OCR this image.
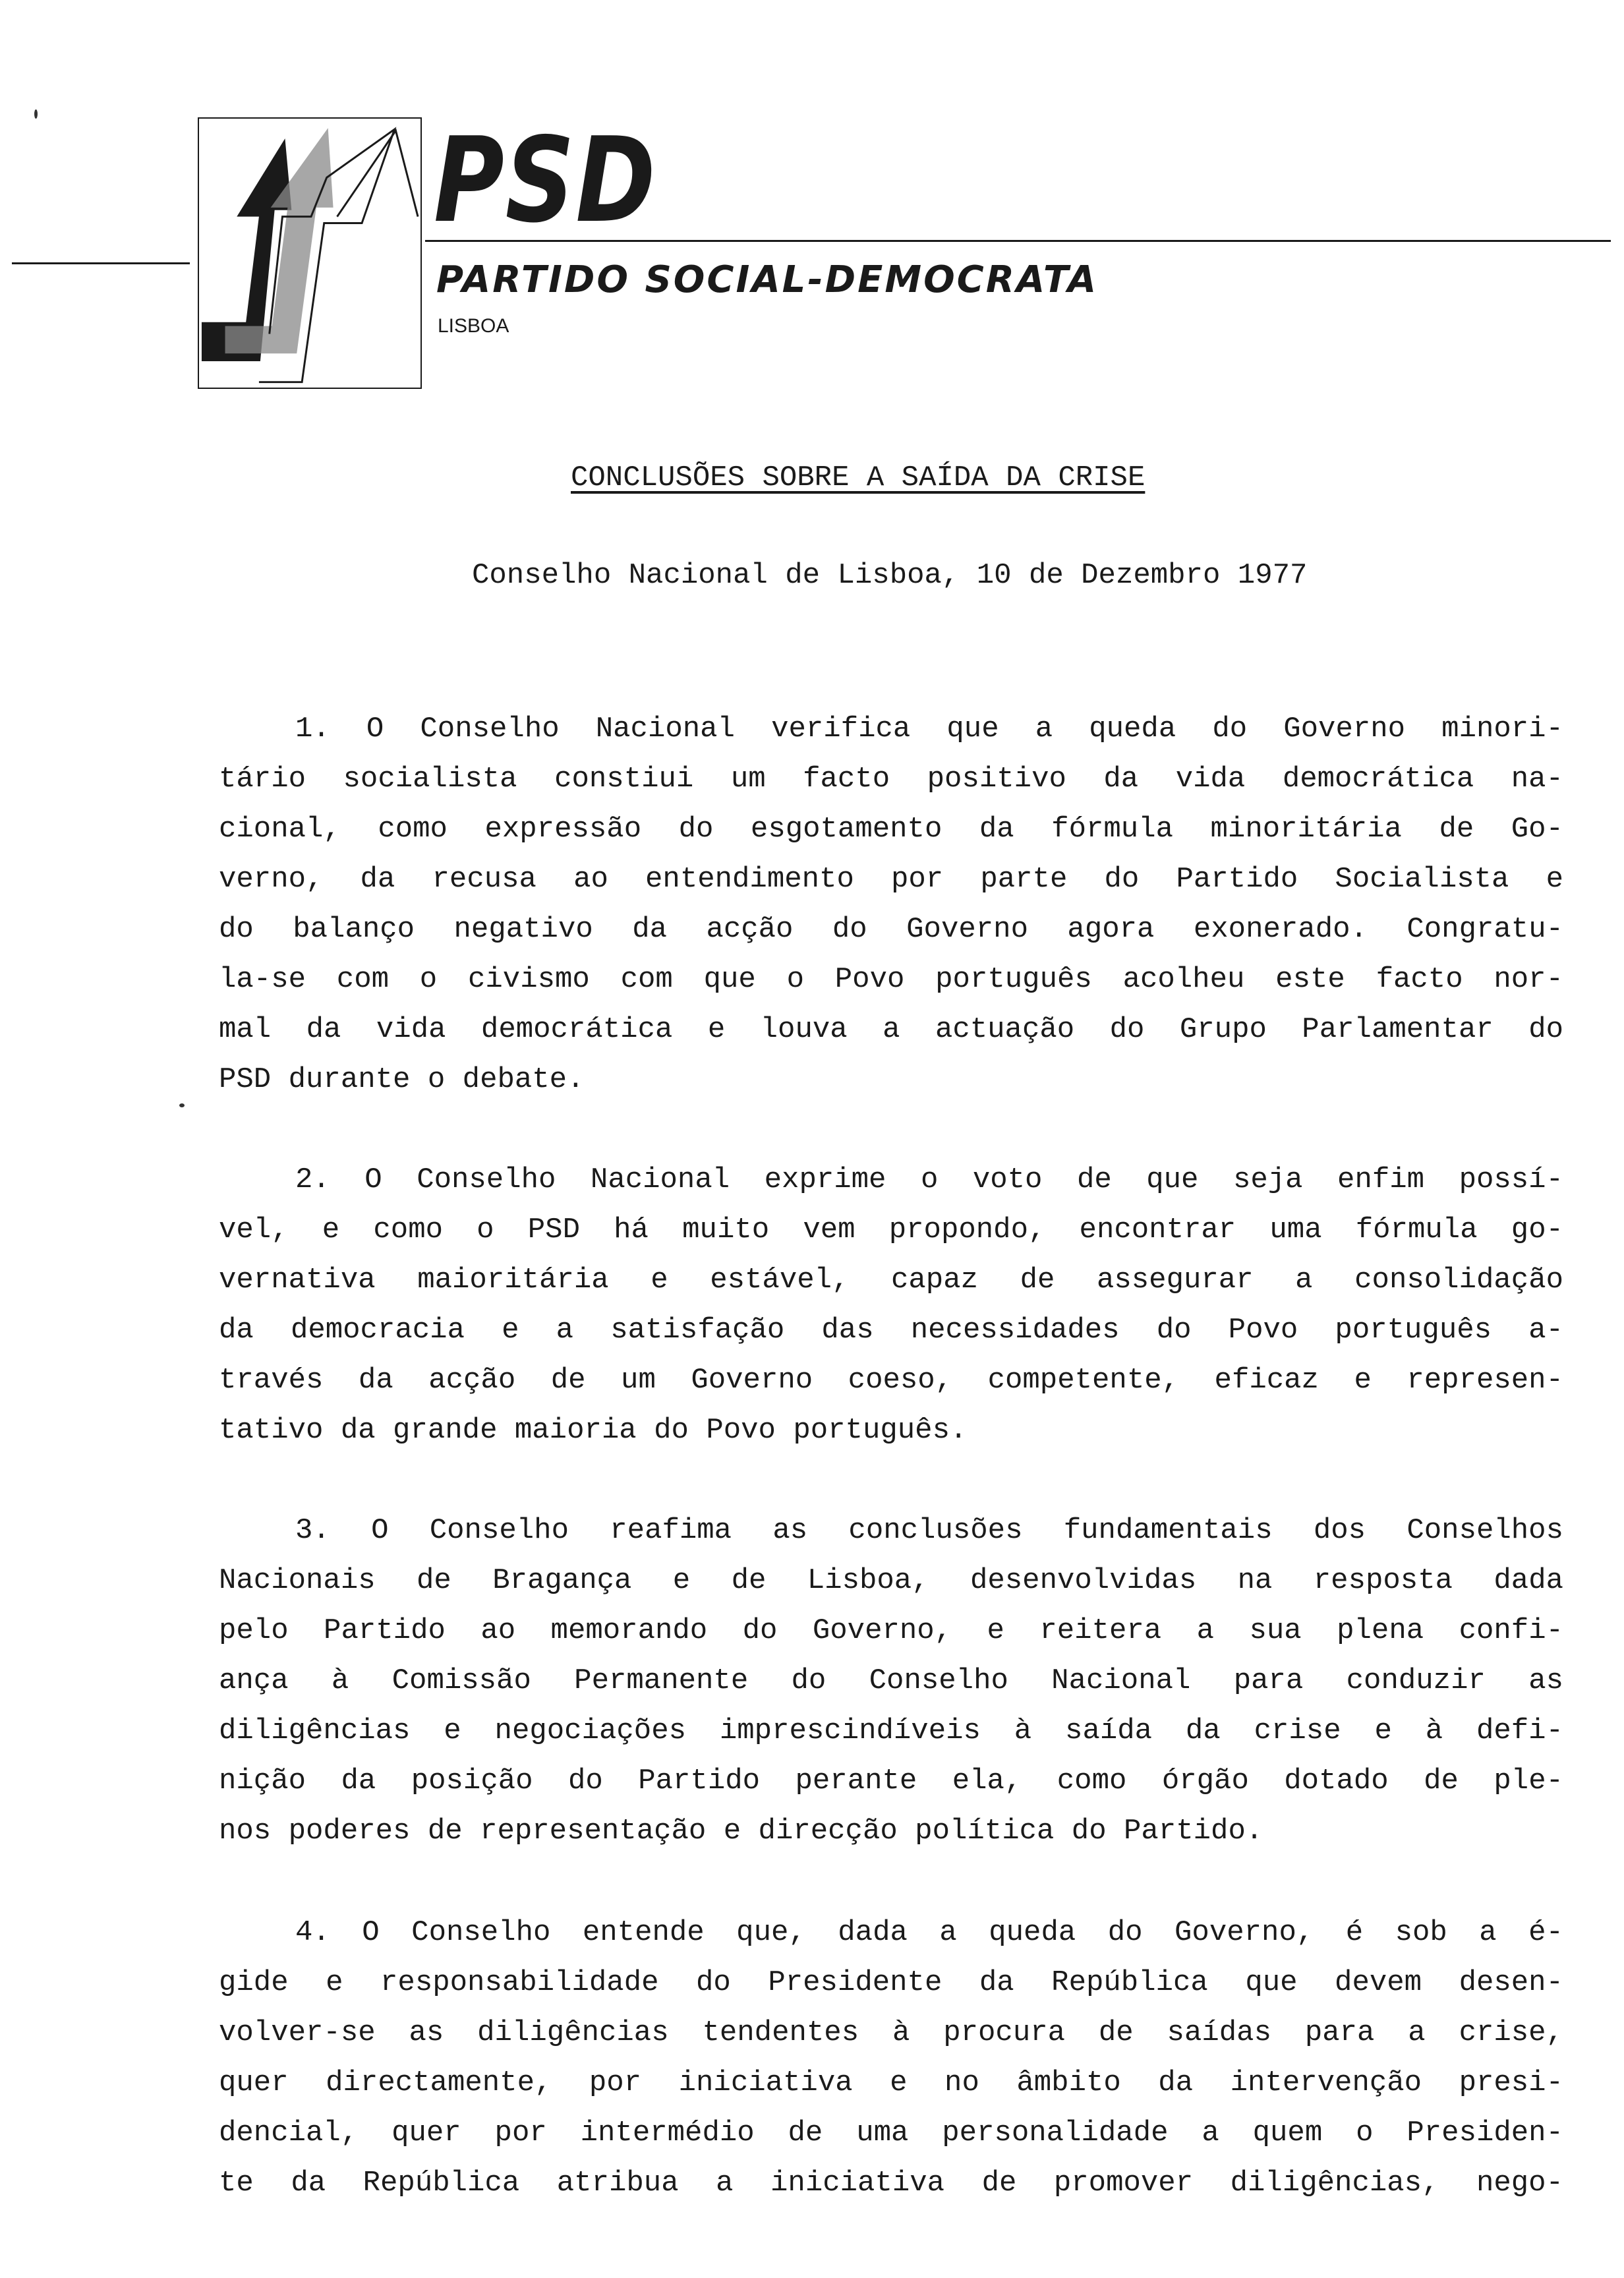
PSD
PARTIDO SOCIAL-DEMOCRATA
LISBOA
CONCLUSÕES SOBRE A SAÍDA DA CRISE
Conselho Nacional de Lisboa, 10 de Dezembro 1977

1. O Conselho Nacional verifica que a queda do Governo minori-
tário socialista constiui um facto positivo da vida democrática na-
cional, como expressão do esgotamento da fórmula minoritária de Go-
verno, da recusa ao entendimento por parte do Partido Socialista e
do balanço negativo da acção do Governo agora exonerado. Congratu-
la-se com o civismo com que o Povo português acolheu este facto nor-
mal da vida democrática e louva a actuação do Grupo Parlamentar do
PSD durante o debate.

2. O Conselho Nacional exprime o voto de que seja enfim possí-
vel, e como o PSD há muito vem propondo, encontrar uma fórmula go-
vernativa maioritária e estável, capaz de assegurar a consolidação
da democracia e a satisfação das necessidades do Povo português a-
través da acção de um Governo coeso, competente, eficaz e represen-
tativo da grande maioria do Povo português.

3. O Conselho reafima as conclusões fundamentais dos Conselhos
Nacionais de Bragança e de Lisboa, desenvolvidas na resposta dada
pelo Partido ao memorando do Governo, e reitera a sua plena confi-
ança à Comissão Permanente do Conselho Nacional para conduzir as
diligências e negociações imprescindíveis à saída da crise e à defi-
nição da posição do Partido perante ela, como órgão dotado de ple-
nos poderes de representação e direcção política do Partido.

4. O Conselho entende que, dada a queda do Governo, é sob a é-
gide e responsabilidade do Presidente da República que devem desen-
volver-se as diligências tendentes à procura de saídas para a crise,
quer directamente, por iniciativa e no âmbito da intervenção presi-
dencial, quer por intermédio de uma personalidade a quem o Presiden-
te da República atribua a iniciativa de promover diligências, nego-
